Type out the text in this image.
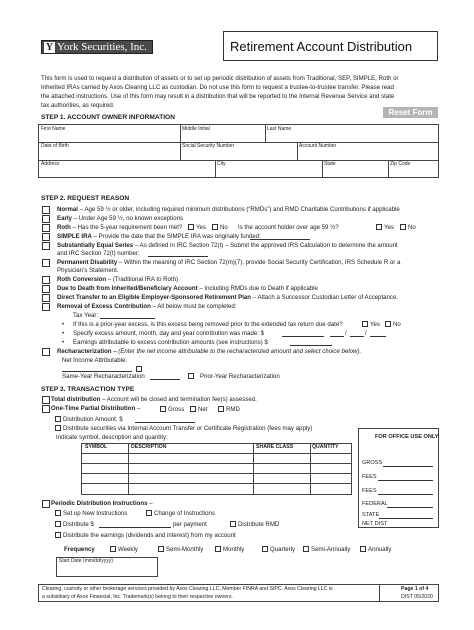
Y York Securities, Inc.	Retirement Account Distribution
This form is used to request a distribution of assets or to set up periodic distribution of assets from Traditional, SEP, SIMPLE, Roth or
Inherited IRAs carried by Axos Clearing LLC as custodian. Do not use this form to request a trustee-to-trustee transfer. Please read
the attached instructions. Use of this form may result in a distribution that will be reported to the Internal Revenue Service and state
tax authorities, as required.
Reset Form
STEP 1. ACCOUNT OWNER INFORMATION
First Name	Middle Initial	Last Name
Date of Birth	Social Security Number	Account Number
Address	City	State	Zip Code
STEP 2. REQUEST REASON
Normal – Age 59 ½ or older, including required minimum distributions (“RMDs”) and RMD Charitable Contributions if applicable
Early – Under Age 59 ½, no known exceptions
Roth – Has the 5-year requirement been met? Yes No Is the account holder over age 59 ½?	Yes No
SIMPLE IRA – Provide the date that the SIMPLE IRA was originally funded:
Substantially Equal Series – As defined in IRC Section 72(t) – Submit the approved IRS Calculation to determine the amount
and IRC Section 72(t) number:
Permanent Disability – Within the meaning of IRC Section 72(m)(7), provide Social Security Certification, IRS Schedule R or a
Physician’s Statement.
Roth Conversion – (Traditional IRA to Roth)
Due to Death from Inherited/Beneficiary Account – Including RMDs due to Death if applicable
Direct Transfer to an Eligible Employer-Sponsored Retirement Plan – Attach a Successor Custodian Letter of Acceptance.
Removal of Excess Contribution – All below must be completed:
Tax Year:
• If this is a prior-year excess, is this excess being removed prior to the extended tax return due date?	Yes No
• Specify excess amount, month, day and year contribution was made: $	/	/
• Earnings attributable to excess contribution amounts (see instructions) $
Recharacterization – (Enter the net income attributable to the recharacterized amount and select choice below).
Net Income Attributable:
Same-Year Recharacterization	Prior-Year Recharacterization
STEP 3. TRANSACTION TYPE
Total distribution – Account will be closed and termination fee(s) assessed.
One-Time Partial Distribution –	Gross Net	RMD
Distribution Amount: $
Distribute securities via Internal Account Transfer or Certificate Registration (fees may apply)
Indicate symbol, description and quantity:
SYMBOL	DESCRIPTION	SHARE CLASS	QUANTITY
FOR OFFICE USE ONLY
GROSS
FEES
FEES
FEDERAL
STATE
NET DIST
Periodic Distribution Instructions –
Set up New Instructions	Change of Instructions
Distribute $	per payment	Distribute RMD
Distribute the earnings (dividends and interest) from my account
Frequency	Weekly	Semi-Monthly	Monthly	Quarterly	Semi-Annually	Annually
Start Date (mm/dd/yyyy)
Clearing, custody or other brokerage services provided by Axos Clearing LLC, Member FINRA and SIPC. Axos Clearing LLC is
a subsidiary of Axos Financial, Inc. Trademark(s) belong to their respective owners.
Page 1 of 4
DIST 05/2020
